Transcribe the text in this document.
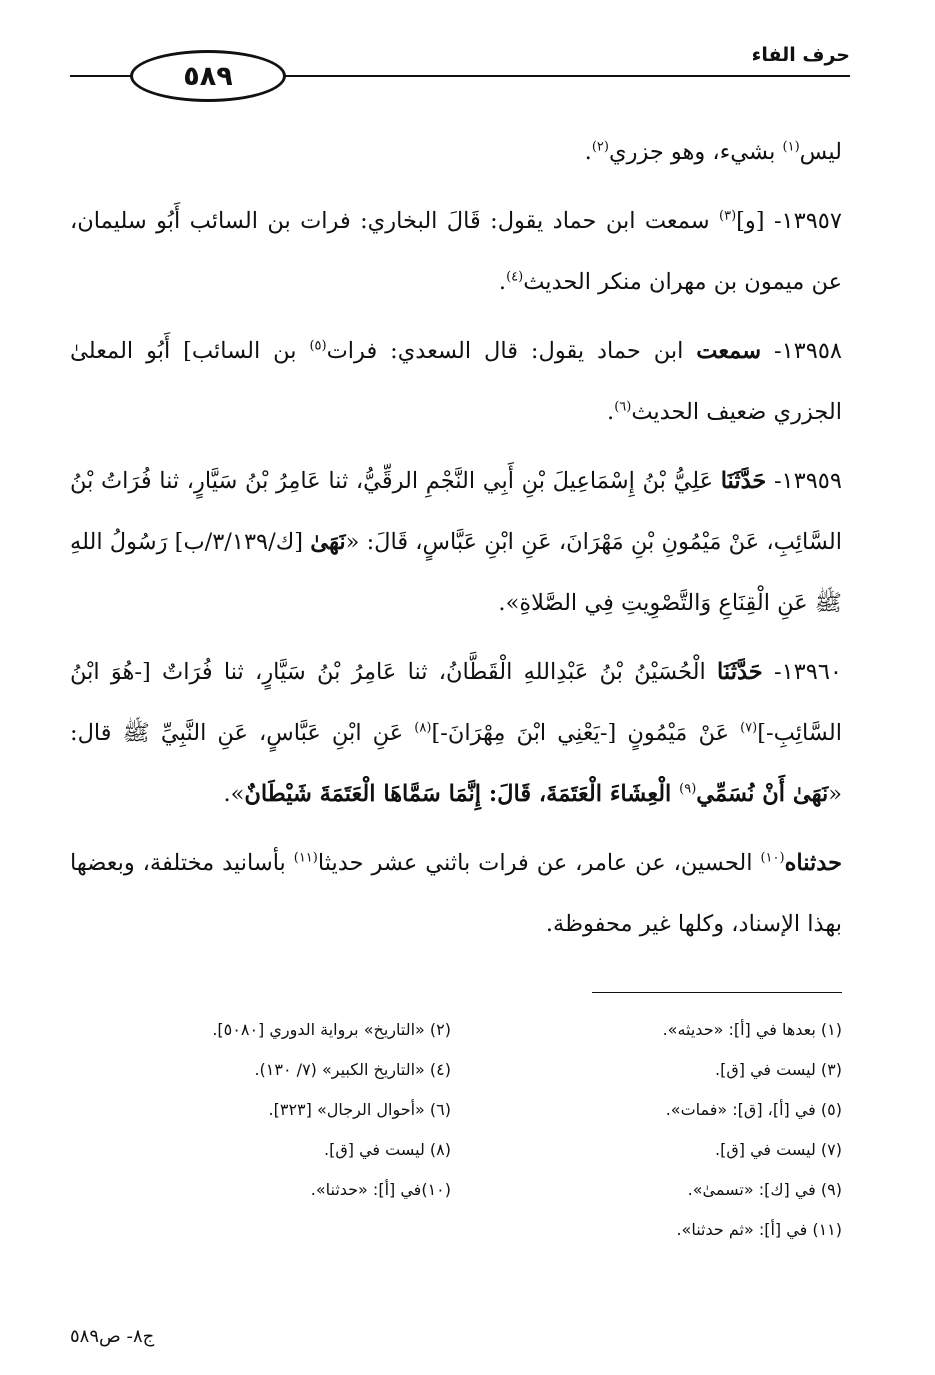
٥٨٩
حرف الفاء

ليس$^{(١)}$ بشيء، وهو جزري$^{(٢)}$.

١٣٩٥٧- [و]$^{(٣)}$ سمعت ابن حماد يقول: قَالَ البخاري: فرات بن السائب أَبُو سليمان، عن ميمون بن مهران منكر الحديث$^{(٤)}$.

١٣٩٥٨- سمعت ابن حماد يقول: قال السعدي: فرات$^{(٥)}$ بن السائب] أَبُو المعلىٰ الجزري ضعيف الحديث$^{(٦)}$.

١٣٩٥٩- حَدَّثَنَا عَلِيُّ بْنُ إِسْمَاعِيلَ بْنِ أَبِي النَّجْمِ الرقِّيُّ، ثنا عَامِرُ بْنُ سَيَّارٍ، ثنا فُرَاتُ بْنُ السَّائِبِ، عَنْ مَيْمُونِ بْنِ مَهْرَانَ، عَنِ ابْنِ عَبَّاسٍ، قَالَ: «نَهَىٰ [ك/٣/١٣٩/ب] رَسُولُ اللهِ ﷺ عَنِ الْقِنَاعِ وَالتَّصْوِيتِ فِي الصَّلاةِ».

١٣٩٦٠- حَدَّثَنَا الْحُسَيْنُ بْنُ عَبْدِاللهِ الْقَطَّانُ، ثنا عَامِرُ بْنُ سَيَّارٍ، ثنا فُرَاتٌ [-هُوَ ابْنُ السَّائِبِ-]$^{(٧)}$ عَنْ مَيْمُونٍ [-يَعْنِي ابْنَ مِهْرَانَ-]$^{(٨)}$ عَنِ ابْنِ عَبَّاسٍ، عَنِ النَّبِيِّ ﷺ قال: «نَهَىٰ أَنْ نُسَمِّي$^{(٩)}$ الْعِشَاءَ الْعَتَمَةَ، قَالَ: إِنَّمَا سَمَّاهَا الْعَتَمَةَ شَيْطَانٌ».

حدثناه$^{(١٠)}$ الحسين، عن عامر، عن فرات باثني عشر حديثا$^{(١١)}$ بأسانيد مختلفة، وبعضها بهذا الإسناد، وكلها غير محفوظة.

(١) بعدها في [أ]: «حديثه».
(٢) «التاريخ» برواية الدوري [٥٠٨٠].
(٣) ليست في [ق].
(٤) «التاريخ الكبير» (٧/ ١٣٠).
(٥) في [أ]، [ق]: «فمات».
(٦) «أحوال الرجال» [٣٢٣].
(٧) ليست في [ق].
(٨) ليست في [ق].
(٩) في [ك]: «تسمىٰ».
(١٠)في [أ]: «حدثنا».
(١١) في [أ]: «ثم حدثنا».
ج٨- ص٥٨٩
